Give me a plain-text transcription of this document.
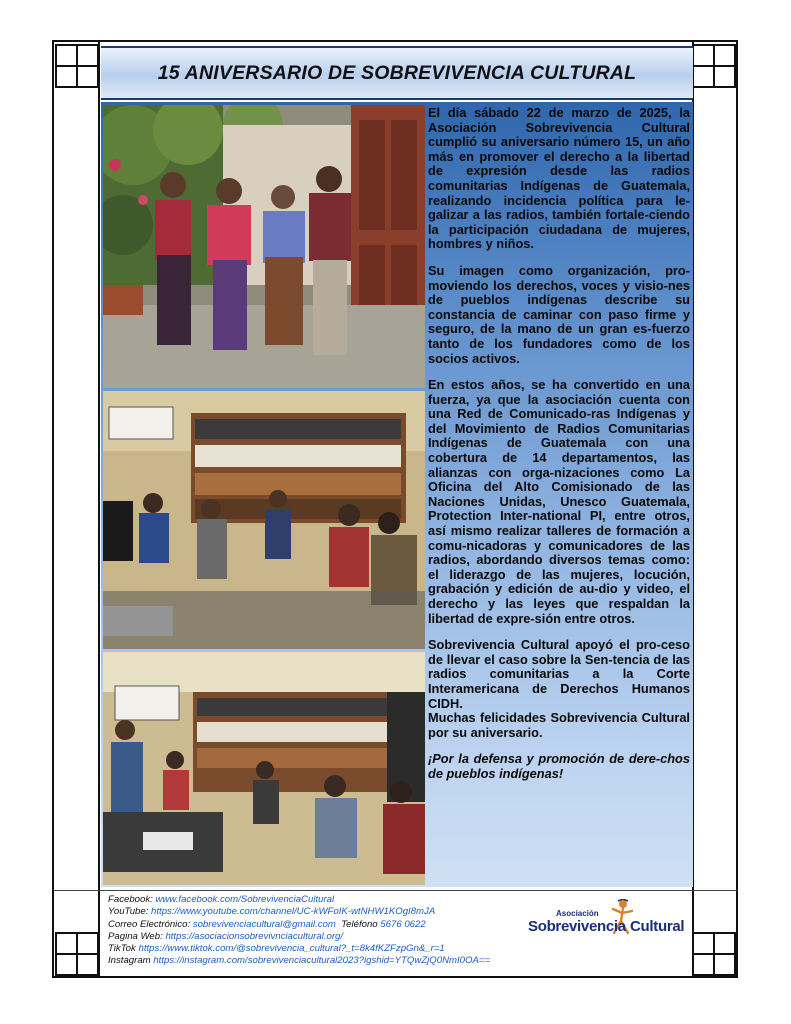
15 ANIVERSARIO DE SOBREVIVENCIA CULTURAL

El día sábado 22 de marzo de 2025, la Asociación Sobrevivencia Cultural cumplió su aniversario número 15, un año más en promover el derecho a la libertad de expresión desde las radios comunitarias Indígenas de Guatemala, realizando incidencia política para le-galizar a las radios, también fortale-ciendo la participación ciudadana de mujeres, hombres y niños.

Su imagen como organización, pro-moviendo los derechos, voces y visio-nes de pueblos indígenas describe su constancia de caminar con paso firme y seguro, de la mano de un gran es-fuerzo tanto de los fundadores como de los socios activos.

En estos años, se ha convertido en una fuerza, ya que la asociación cuenta con una Red de Comunicado-ras Indígenas y del Movimiento de Radios Comunitarias Indígenas de Guatemala con una cobertura de 14 departamentos, las alianzas con orga-nizaciones como La Oficina del Alto Comisionado de las Naciones Unidas, Unesco Guatemala, Protection Inter-national PI, entre otros, así mismo realizar talleres de formación a comu-nicadoras y comunicadores de las radios, abordando diversos temas como: el liderazgo de las mujeres, locución, grabación y edición de au-dio y video, el derecho y las leyes que respaldan la libertad de expre-sión entre otros.

Sobrevivencia Cultural apoyó el pro-ceso de llevar el caso sobre la Sen-tencia de las radios comunitarias a la Corte Interamericana de Derechos Humanos CIDH.

Muchas felicidades Sobrevivencia Cultural por su aniversario.

¡Por la defensa y promoción de dere-chos de pueblos indígenas!

Facebook: www.facebook.com/SobrevivenciaCultural
YouTube: https://www.youtube.com/channel/UC-kWFoIK-wtNHW1KOgI8mJA
Correo Electrónico: sobrevivenciacultural@gmail.com Teléfono 5676 0622
Pagina Web: https://asociacionsobrevivnciacultural.org/
TikTok https://www.tiktok.com/@sobrevivencia_cultural?_t=8k4fKZFzpGn&_r=1
Instagram https://instagram.com/sobrevivenciacultural2023?igshid=YTQwZjQ0NmI0OA==
Asociación
Sobrevivencia Cultural
